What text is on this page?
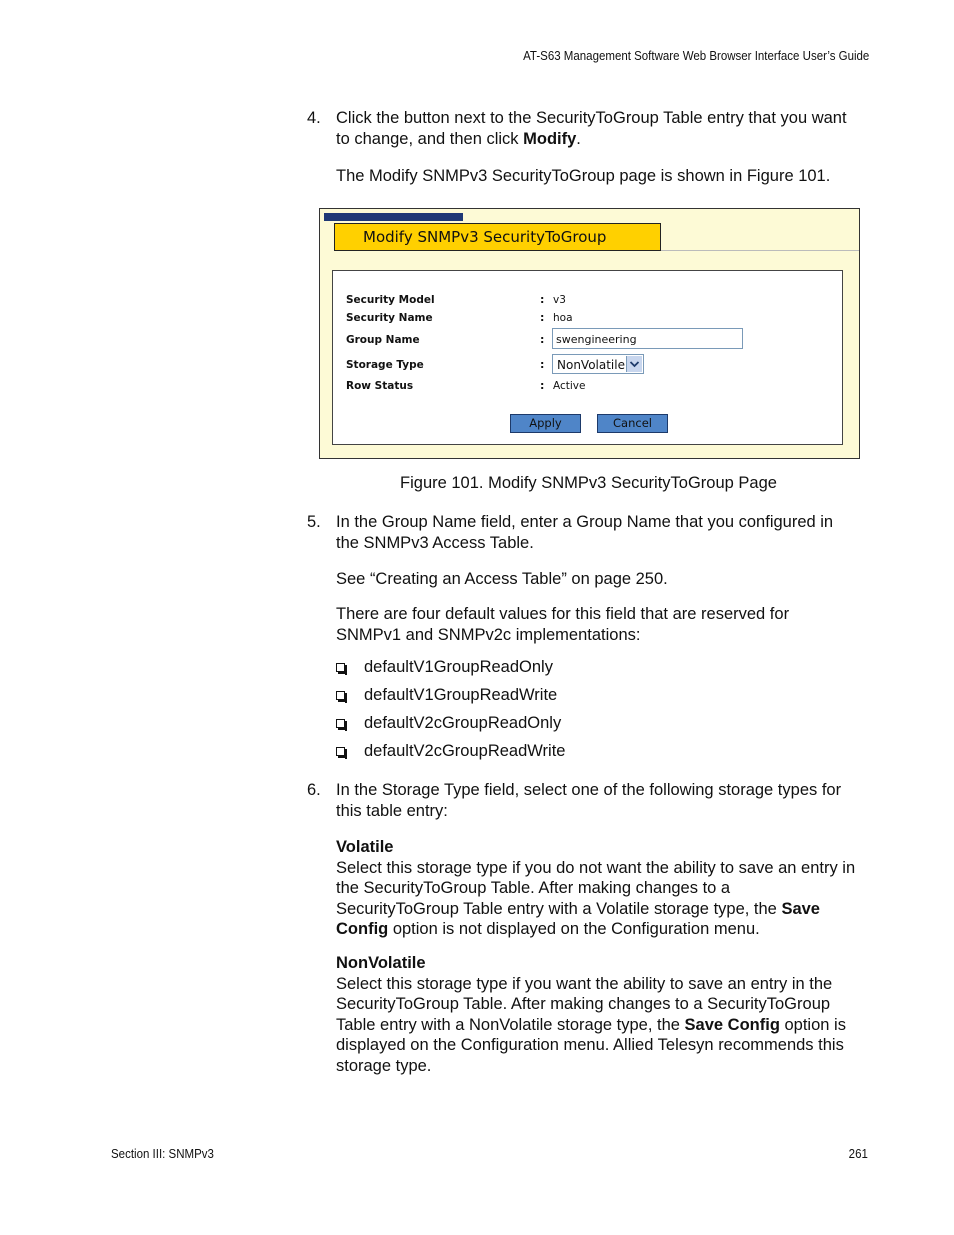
AT-S63 Management Software Web Browser Interface User’s Guide
Section III: SNMPv3	261
4. Click the button next to the SecurityToGroup Table entry that you want
to change, and then click Modify.
The Modify SNMPv3 SecurityToGroup page is shown in Figure 101.
Modify SNMPv3 SecurityToGroup
Security Model	: v3
Security Name	: hoa
Group Name	:	swengineering
Storage Type	: NonVolatile
Row Status	: Active
Apply	Cancel
Figure 101. Modify SNMPv3 SecurityToGroup Page
5. In the Group Name field, enter a Group Name that you configured in
the SNMPv3 Access Table.
See “Creating an Access Table” on page 250.
There are four default values for this field that are reserved for
SNMPv1 and SNMPv2c implementations:
defaultV1GroupReadOnly
defaultV1GroupReadWrite
defaultV2cGroupReadOnly
defaultV2cGroupReadWrite
6. In the Storage Type field, select one of the following storage types for
this table entry:
Volatile
Select this storage type if you do not want the ability to save an entry in
the SecurityToGroup Table. After making changes to a
SecurityToGroup Table entry with a Volatile storage type, the Save
Config option is not displayed on the Configuration menu.
NonVolatile
Select this storage type if you want the ability to save an entry in the
SecurityToGroup Table. After making changes to a SecurityToGroup
Table entry with a NonVolatile storage type, the Save Config option is
displayed on the Configuration menu. Allied Telesyn recommends this
storage type.
